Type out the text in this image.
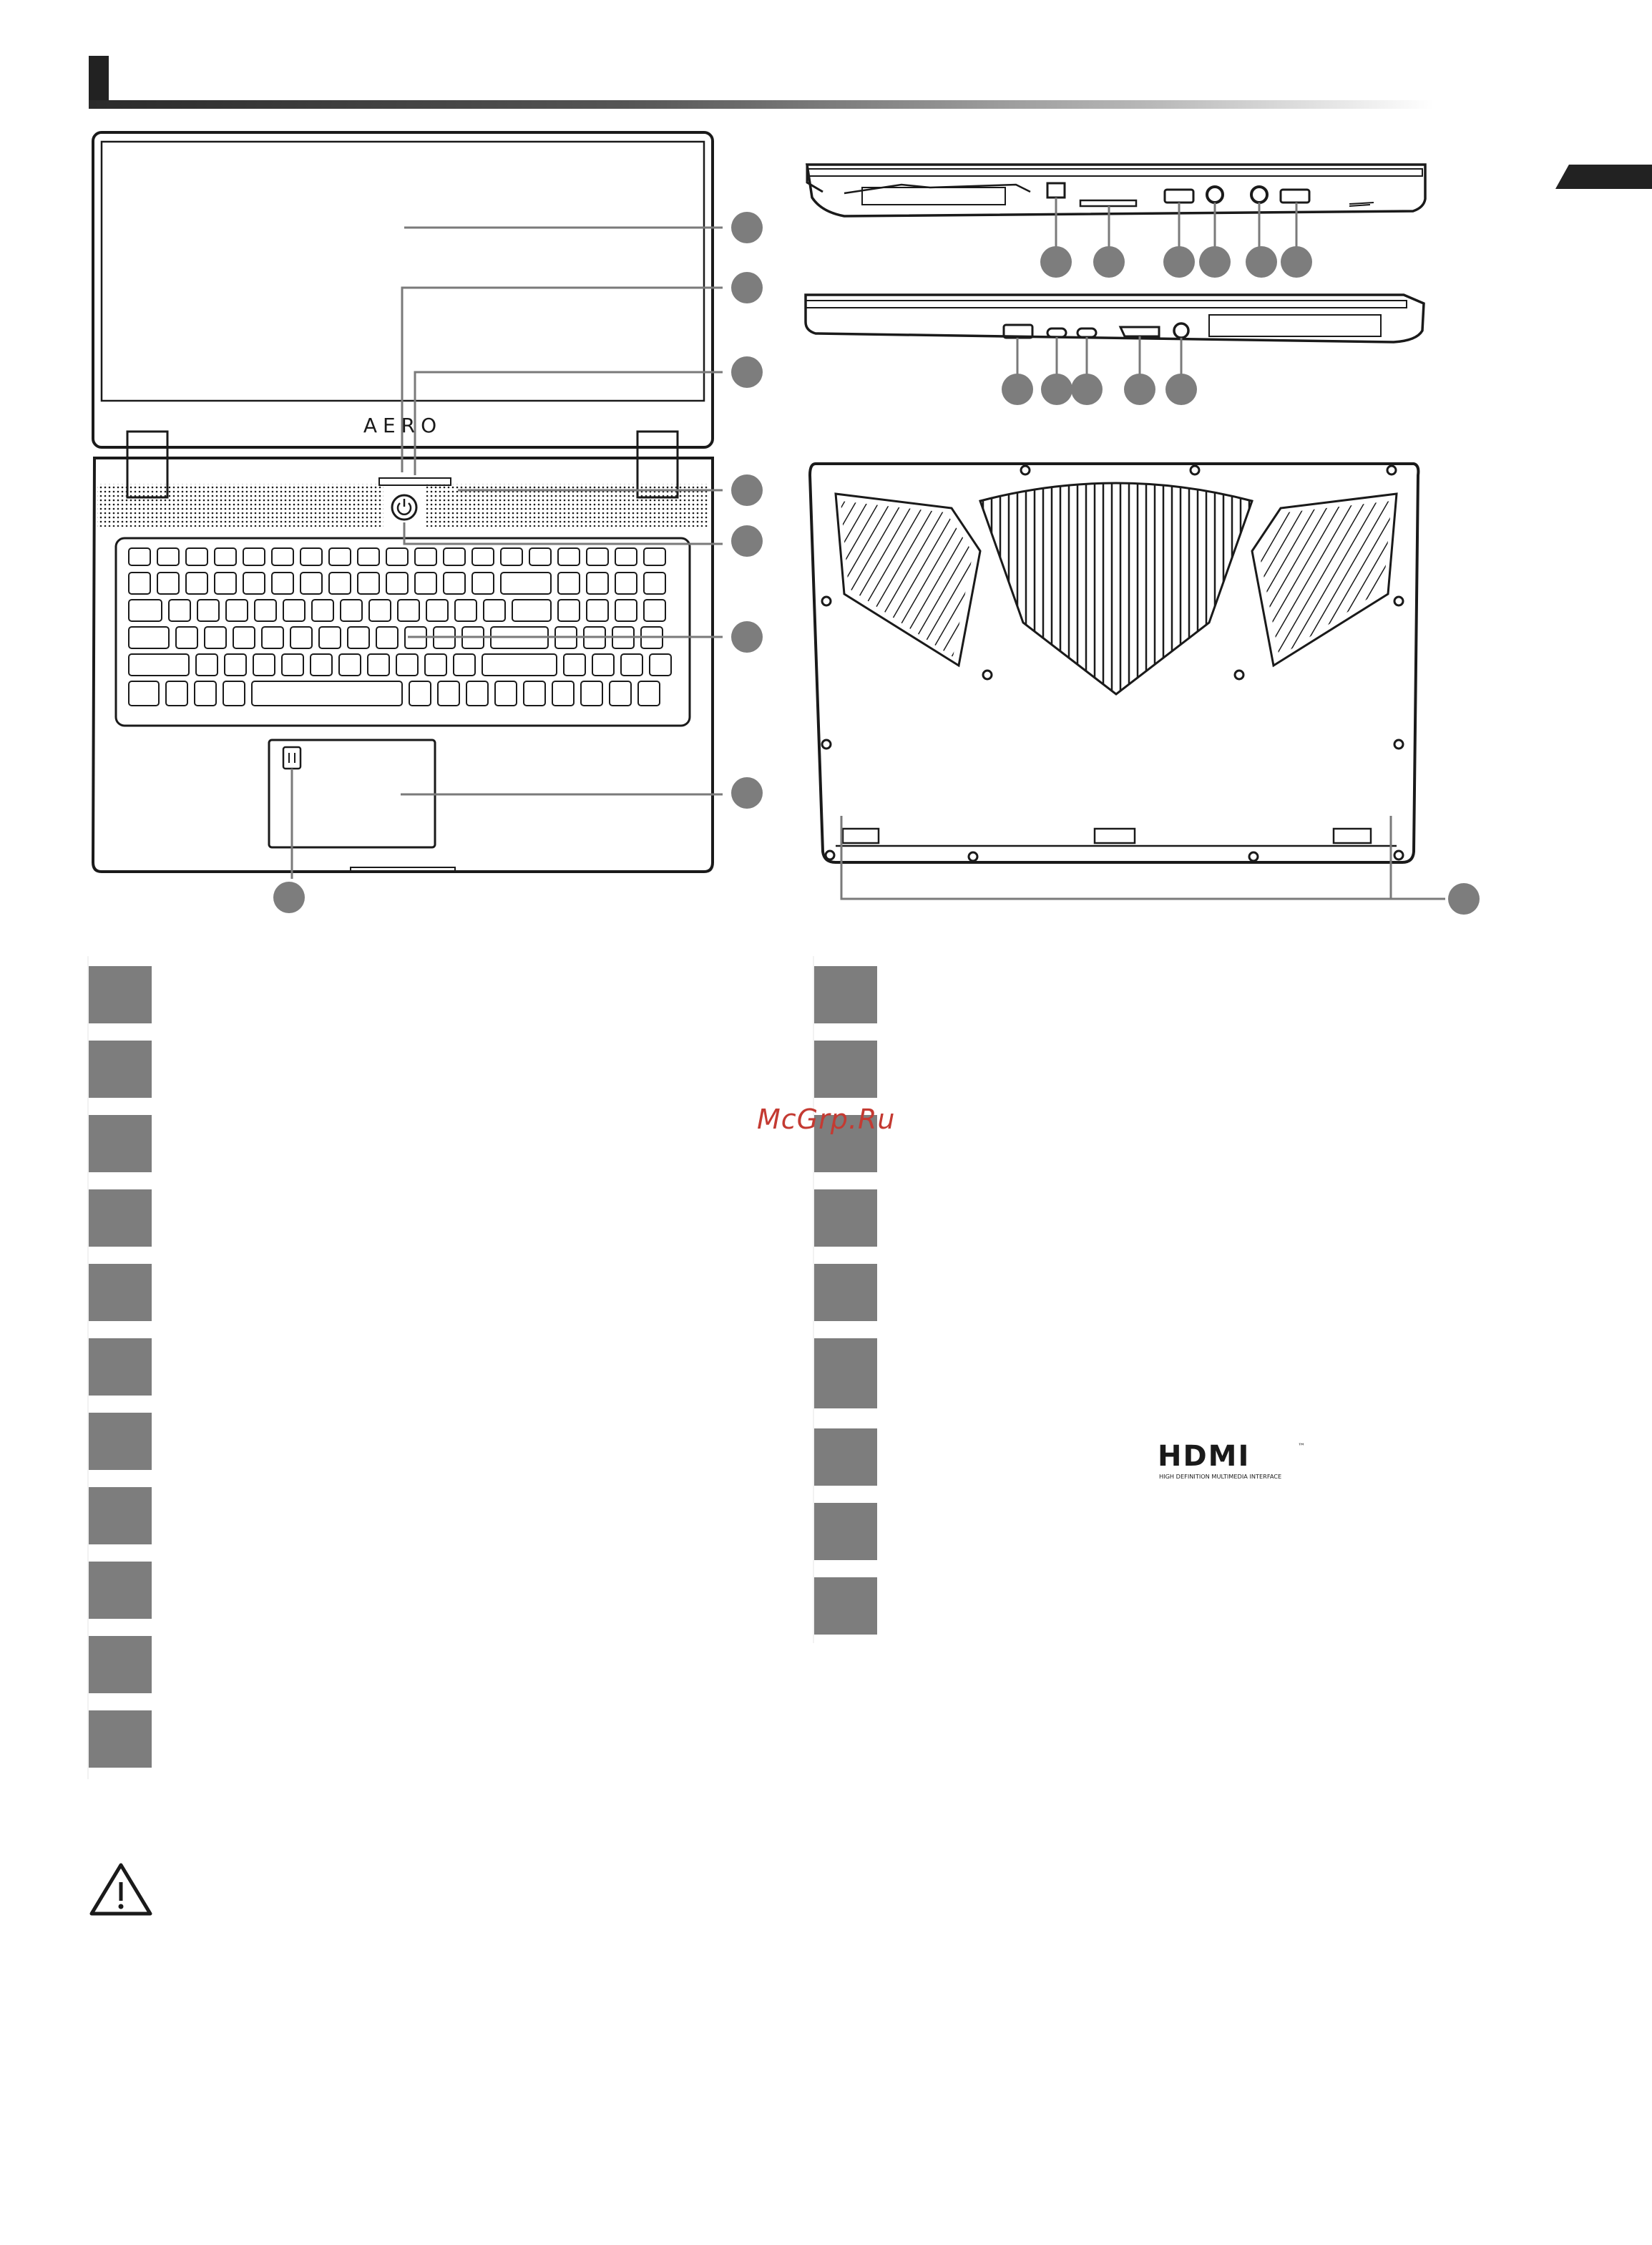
AERO
McGrp.Ru
HDMI	™
HIGH DEFINITION MULTIMEDIA INTERFACE
